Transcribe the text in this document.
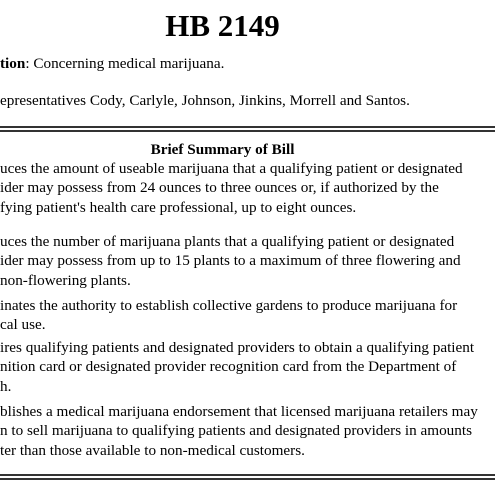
HB 2149
tion: Concerning medical marijuana.
epresentatives Cody, Carlyle, Johnson, Jinkins, Morrell and Santos.
Brief Summary of Bill
uces the amount of useable marijuana that a qualifying patient or designated
ider may possess from 24 ounces to three ounces or, if authorized by the
fying patient's health care professional, up to eight ounces.
uces the number of marijuana plants that a qualifying patient or designated
ider may possess from up to 15 plants to a maximum of three flowering and
non-flowering plants.
inates the authority to establish collective gardens to produce marijuana for
cal use.
ires qualifying patients and designated providers to obtain a qualifying patient
nition card or designated provider recognition card from the Department of
h.
blishes a medical marijuana endorsement that licensed marijuana retailers may
n to sell marijuana to qualifying patients and designated providers in amounts
ter than those available to non-medical customers.
